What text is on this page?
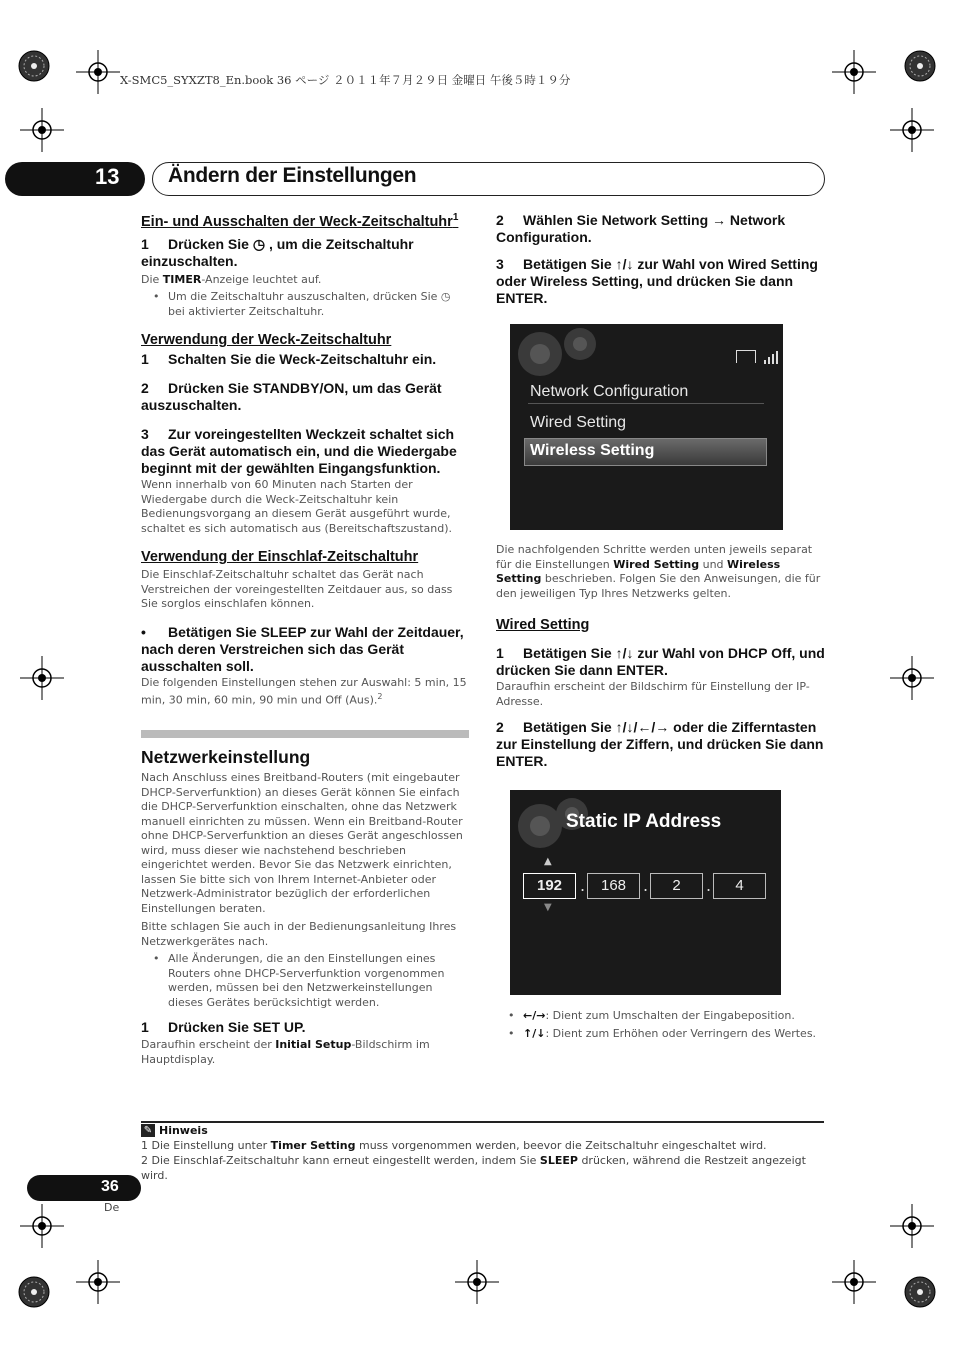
X-SMC5_SYXZT8_En.book 36 ページ ２０１１年７月２９日 金曜日 午後５時１９分
13 Ändern der Einstellungen

Ein- und Ausschalten der Weck-Zeitschaltuhr$^1$

1 Drücken Sie ◷ , um die Zeitschaltuhr einzuschalten.

Die TIMER-Anzeige leuchtet auf.

• Um die Zeitschaltuhr auszuschalten, drücken Sie ◷ bei aktivierter Zeitschaltuhr.

Verwendung der Weck-Zeitschaltuhr

1 Schalten Sie die Weck-Zeitschaltuhr ein.

2 Drücken Sie STANDBY/ON, um das Gerät auszuschalten.

3 Zur voreingestellten Weckzeit schaltet sich das Gerät automatisch ein, und die Wiedergabe beginnt mit der gewählten Eingangsfunktion.

Wenn innerhalb von 60 Minuten nach Starten der Wiedergabe durch die Weck-Zeitschaltuhr kein Bedienungsvorgang an diesem Gerät ausgeführt wurde, schaltet es sich automatisch aus (Bereitschaftszustand).

Verwendung der Einschlaf-Zeitschaltuhr

Die Einschlaf-Zeitschaltuhr schaltet das Gerät nach Verstreichen der voreingestellten Zeitdauer aus, so dass Sie sorglos einschlafen können.

• Betätigen Sie SLEEP zur Wahl der Zeitdauer, nach deren Verstreichen sich das Gerät ausschalten soll.

Die folgenden Einstellungen stehen zur Auswahl: 5 min, 15 min, 30 min, 60 min, 90 min und Off (Aus).$^2$

Netzwerkeinstellung

Nach Anschluss eines Breitband-Routers (mit eingebauter DHCP-Serverfunktion) an dieses Gerät können Sie einfach die DHCP-Serverfunktion einschalten, ohne das Netzwerk manuell einrichten zu müssen. Wenn ein Breitband-Router ohne DHCP-Serverfunktion an dieses Gerät angeschlossen wird, muss dieser wie nachstehend beschrieben eingerichtet werden. Bevor Sie das Netzwerk einrichten, lassen Sie bitte sich von Ihrem Internet-Anbieter oder Netzwerk-Administrator bezüglich der erforderlichen Einstellungen beraten.

Bitte schlagen Sie auch in der Bedienungsanleitung Ihres Netzwerkgerätes nach.

• Alle Änderungen, die an den Einstellungen eines Routers ohne DHCP-Serverfunktion vorgenommen werden, müssen bei den Netzwerkeinstellungen dieses Gerätes berücksichtigt werden.

1 Drücken Sie SET UP.

Daraufhin erscheint der Initial Setup-Bildschirm im Hauptdisplay.

2 Wählen Sie Network Setting → Network Configuration.

3 Betätigen Sie ↑/↓ zur Wahl von Wired Setting oder Wireless Setting, und drücken Sie dann ENTER.

Network Configuration
Wired Setting
Wireless Setting

Die nachfolgenden Schritte werden unten jeweils separat für die Einstellungen Wired Setting und Wireless Setting beschrieben. Folgen Sie den Anweisungen, die für den jeweiligen Typ Ihres Netzwerks gelten.

Wired Setting

1 Betätigen Sie ↑/↓ zur Wahl von DHCP Off, und drücken Sie dann ENTER.

Daraufhin erscheint der Bildschirm für Einstellung der IP-Adresse.

2 Betätigen Sie ↑/↓/←/→ oder die Zifferntasten zur Einstellung der Ziffern, und drücken Sie dann ENTER.

Static IP Address
▲
192	.	168	.	2	.	4
▼

• ←/→: Dient zum Umschalten der Eingabeposition.

• ↑/↓: Dient zum Erhöhen oder Verringern des Wertes.

✎ Hinweis
1 Die Einstellung unter Timer Setting muss vorgenommen werden, beevor die Zeitschaltuhr eingeschaltet wird.
2 Die Einschlaf-Zeitschaltuhr kann erneut eingestellt werden, indem Sie SLEEP drücken, während die Restzeit angezeigt wird.
36
De
